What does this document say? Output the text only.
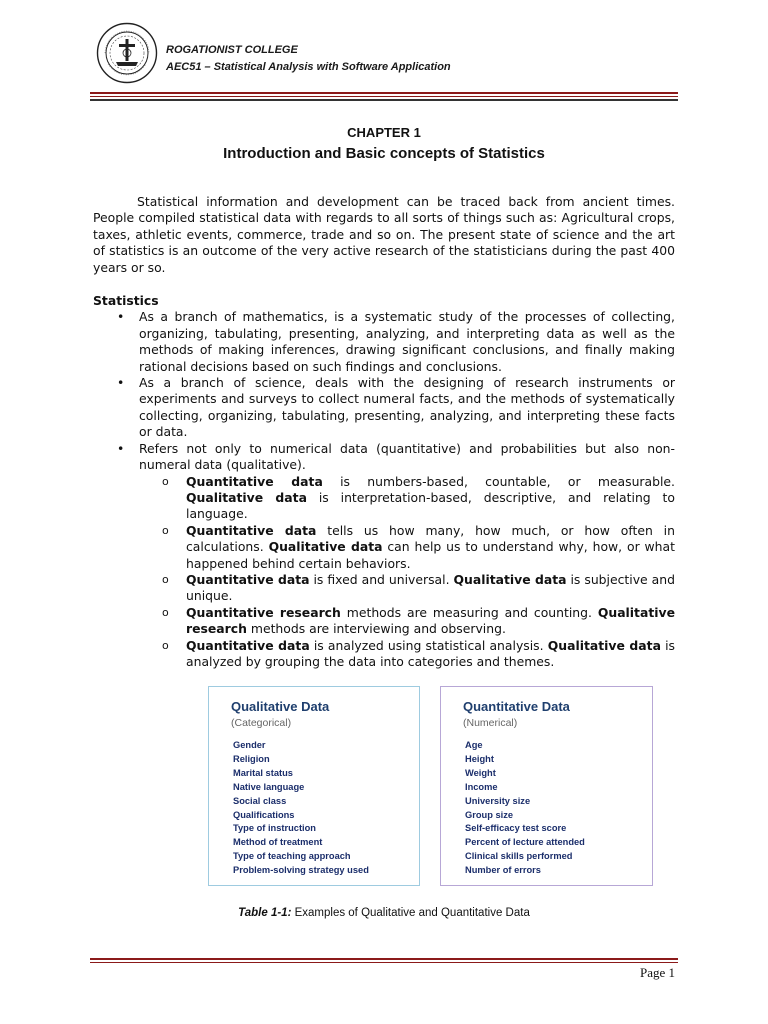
ROGATIONIST COLLEGE
AEC51 – Statistical Analysis with Software Application
CHAPTER 1
Introduction and Basic concepts of Statistics

Statistical information and development can be traced back from ancient times. People compiled statistical data with regards to all sorts of things such as: Agricultural crops, taxes, athletic events, commerce, trade and so on. The present state of science and the art of statistics is an outcome of the very active research of the statisticians during the past 400 years or so.

Statistics
• As a branch of mathematics, is a systematic study of the processes of collecting, organizing, tabulating, presenting, analyzing, and interpreting data as well as the methods of making inferences, drawing significant conclusions, and finally making rational decisions based on such findings and conclusions.
• As a branch of science, deals with the designing of research instruments or experiments and surveys to collect numeral facts, and the methods of systematically collecting, organizing, tabulating, presenting, analyzing, and interpreting these facts or data.
• Refers not only to numerical data (quantitative) and probabilities but also non-numeral data (qualitative).
o Quantitative data is numbers-based, countable, or measurable. Qualitative data is interpretation-based, descriptive, and relating to language.
o Quantitative data tells us how many, how much, or how often in calculations. Qualitative data can help us to understand why, how, or what happened behind certain behaviors.
o Quantitative data is fixed and universal. Qualitative data is subjective and unique.
o Quantitative research methods are measuring and counting. Qualitative research methods are interviewing and observing.
o Quantitative data is analyzed using statistical analysis. Qualitative data is analyzed by grouping the data into categories and themes.
Qualitative Data
(Categorical)
Gender
Religion
Marital status
Native language
Social class
Qualifications
Type of instruction
Method of treatment
Type of teaching approach
Problem-solving strategy used
Quantitative Data
(Numerical)
Age
Height
Weight
Income
University size
Group size
Self-efficacy test score
Percent of lecture attended
Clinical skills performed
Number of errors
Table 1-1: Examples of Qualitative and Quantitative Data
Page 1
